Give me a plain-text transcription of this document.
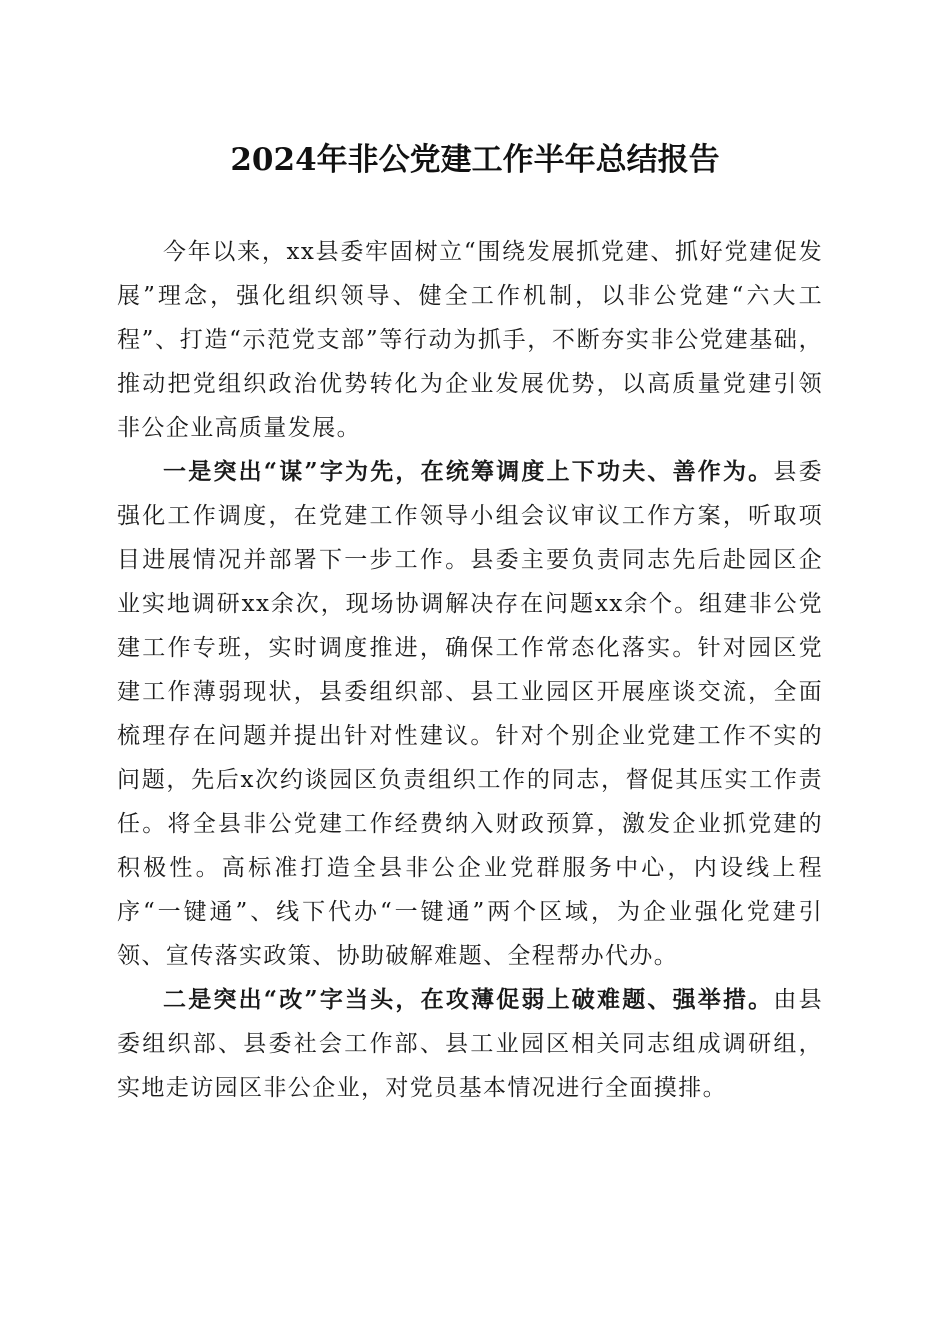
2024年非公党建工作半年总结报告

今年以来，xx县委牢固树立“围绕发展抓党建、抓好党建促发展”理念，强化组织领导、健全工作机制，以非公党建“六大工程”、打造“示范党支部”等行动为抓手，不断夯实非公党建基础，推动把党组织政治优势转化为企业发展优势，以高质量党建引领非公企业高质量发展。

一是突出“谋”字为先，在统筹调度上下功夫、善作为。县委强化工作调度，在党建工作领导小组会议审议工作方案，听取项目进展情况并部署下一步工作。县委主要负责同志先后赴园区企业实地调研xx余次，现场协调解决存在问题xx余个。组建非公党建工作专班，实时调度推进，确保工作常态化落实。针对园区党建工作薄弱现状，县委组织部、县工业园区开展座谈交流，全面梳理存在问题并提出针对性建议。针对个别企业党建工作不实的问题，先后x次约谈园区负责组织工作的同志，督促其压实工作责任。将全县非公党建工作经费纳入财政预算，激发企业抓党建的积极性。高标准打造全县非公企业党群服务中心，内设线上程序“一键通”、线下代办“一键通”两个区域，为企业强化党建引领、宣传落实政策、协助破解难题、全程帮办代办。

二是突出“改”字当头，在攻薄促弱上破难题、强举措。由县委组织部、县委社会工作部、县工业园区相关同志组成调研组，实地走访园区非公企业，对党员基本情况进行全面摸排。
